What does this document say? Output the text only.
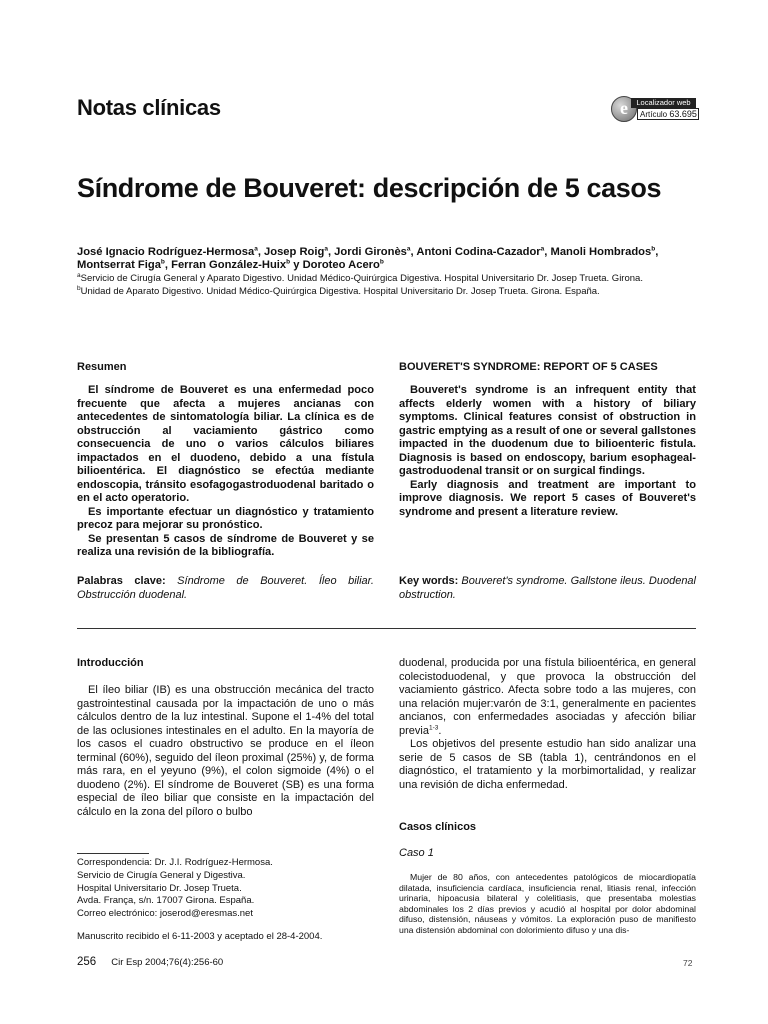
Notas clínicas	e	Localizador web
Artículo 63.695
Síndrome de Bouveret: descripción de 5 casos
José Ignacio Rodríguez-Hermosa$^a$, Josep Roig$^a$, Jordi Gironès$^a$, Antoni Codina-Cazador$^a$, Manoli Hombrados$^b$,
Montserrat Figa$^b$, Ferran González-Huix$^b$ y Doroteo Acero$^b$
$^a$Servicio de Cirugía General y Aparato Digestivo. Unidad Médico-Quirúrgica Digestiva. Hospital Universitario Dr. Josep Trueta. Girona.
$^b$Unidad de Aparato Digestivo. Unidad Médico-Quirúrgica Digestiva. Hospital Universitario Dr. Josep Trueta. Girona. España.
Resumen

El síndrome de Bouveret es una enfermedad poco frecuente que afecta a mujeres ancianas con antecedentes de sintomatología biliar. La clínica es de obstrucción al vaciamiento gástrico como consecuencia de uno o varios cálculos biliares impactados en el duodeno, debido a una fístula bilioentérica. El diagnóstico se efectúa mediante endoscopia, tránsito esofagogastroduodenal baritado o en el acto operatorio.

Es importante efectuar un diagnóstico y tratamiento precoz para mejorar su pronóstico.

Se presentan 5 casos de síndrome de Bouveret y se realiza una revisión de la bibliografía.

Palabras clave: Síndrome de Bouveret. Íleo biliar. Obstrucción duodenal.
BOUVERET'S SYNDROME: REPORT OF 5 CASES

Bouveret's syndrome is an infrequent entity that affects elderly women with a history of biliary symptoms. Clinical features consist of obstruction in gastric emptying as a result of one or several gallstones impacted in the duodenum due to bilioenteric fistula. Diagnosis is based on endoscopy, barium esophageal-gastroduodenal transit or on surgical findings.

Early diagnosis and treatment are important to improve diagnosis. We report 5 cases of Bouveret's syndrome and present a literature review.

Key words: Bouveret's syndrome. Gallstone ileus. Duodenal obstruction.
Introducción

El íleo biliar (IB) es una obstrucción mecánica del tracto gastrointestinal causada por la impactación de uno o más cálculos dentro de la luz intestinal. Supone el 1-4% del total de las oclusiones intestinales en el adulto. En la mayoría de los casos el cuadro obstructivo se produce en el íleon terminal (60%), seguido del íleon proximal (25%) y, de forma más rara, en el yeyuno (9%), el colon sigmoide (4%) o el duodeno (2%). El síndrome de Bouveret (SB) es una forma especial de íleo biliar que consiste en la impactación del cálculo en la zona del píloro o bulbo

duodenal, producida por una fístula bilioentérica, en general colecistoduodenal, y que provoca la obstrucción del vaciamiento gástrico. Afecta sobre todo a las mujeres, con una relación mujer:varón de 3:1, generalmente en pacientes ancianos, con enfermedades asociadas y afección biliar previa$^{1-3}$.

Los objetivos del presente estudio han sido analizar una serie de 5 casos de SB (tabla 1), centrándonos en el diagnóstico, el tratamiento y la morbimortalidad, y realizar una revisión de dicha enfermedad.

Casos clínicos
Caso 1

Mujer de 80 años, con antecedentes patológicos de miocardiopatía dilatada, insuficiencia cardíaca, insuficiencia renal, litiasis renal, infección urinaria, hipoacusia bilateral y colelitiasis, que presentaba molestias abdominales los 2 días previos y acudió al hospital por dolor abdominal difuso, distensión, náuseas y vómitos. La exploración puso de manifiesto una distensión abdominal con dolorimiento difuso y una dis-

Correspondencia: Dr. J.I. Rodríguez-Hermosa.
Servicio de Cirugía General y Digestiva.
Hospital Universitario Dr. Josep Trueta.
Avda. França, s/n. 17007 Girona. España.
Correo electrónico: joserod@eresmas.net
Manuscrito recibido el 6-11-2003 y aceptado el 28-4-2004.
256 Cir Esp 2004;76(4):256-60	72
